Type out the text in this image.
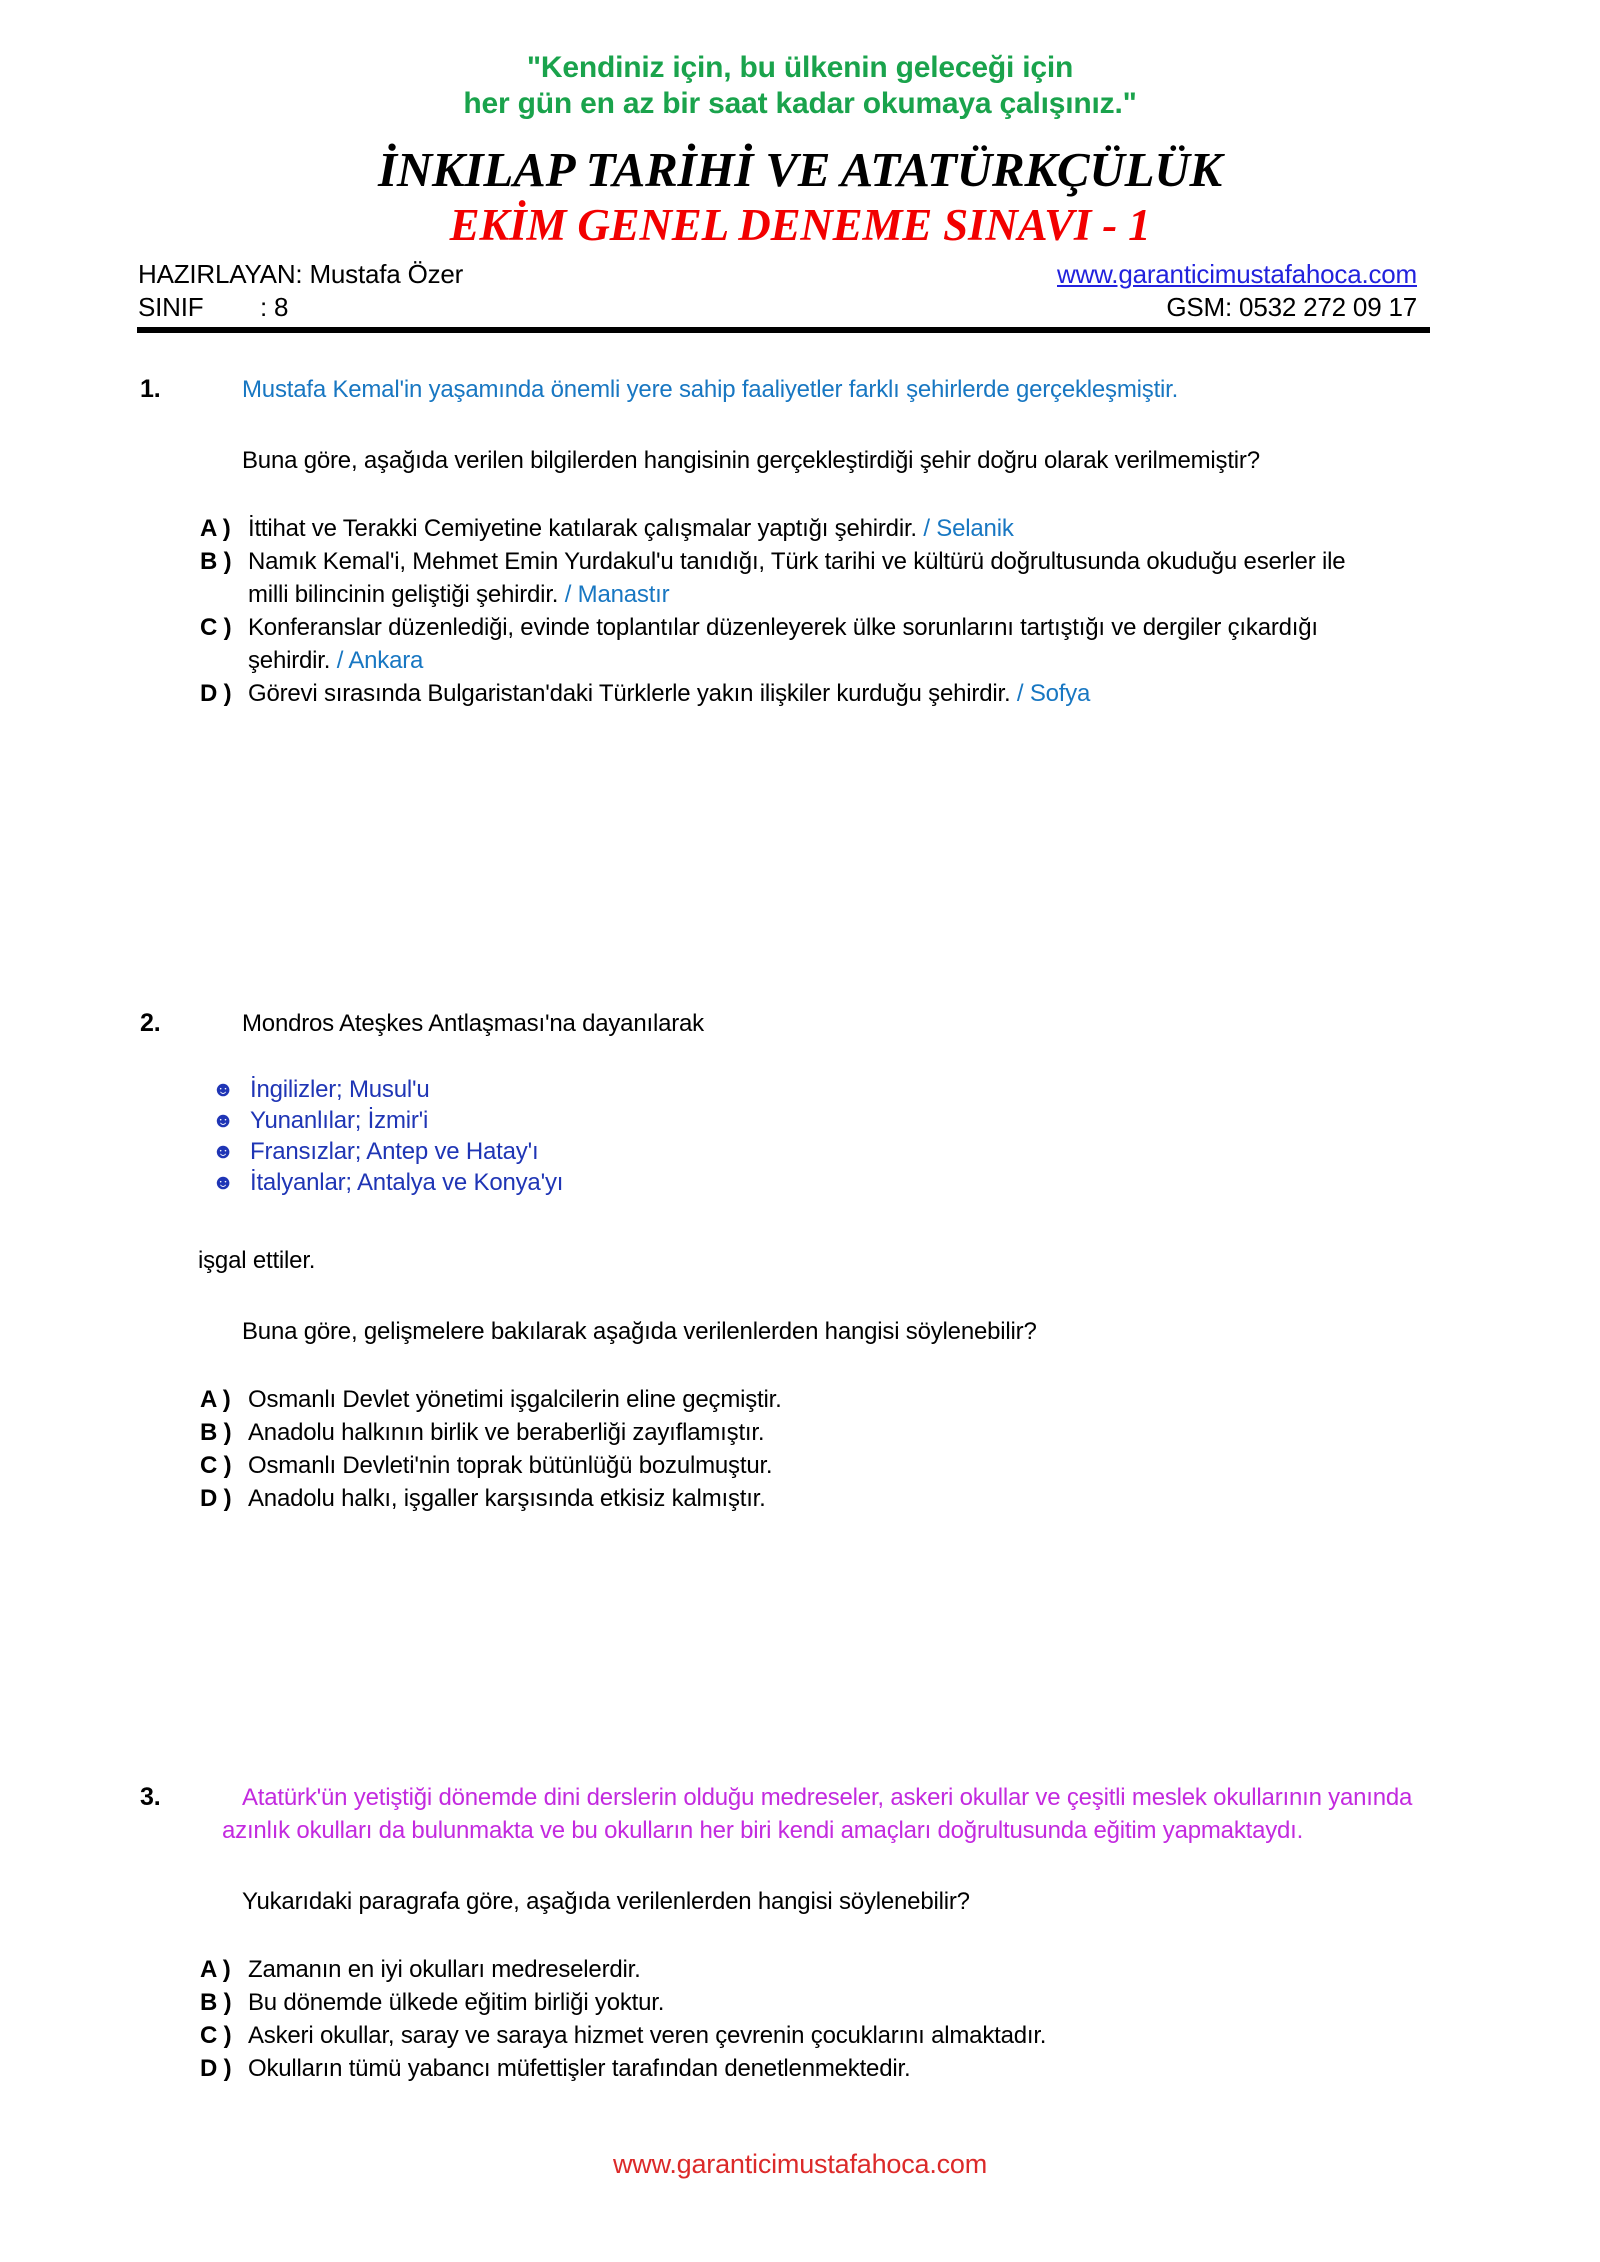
"Kendiniz için, bu ülkenin geleceği için
her gün en az bir saat kadar okumaya çalışınız."
İNKILAP TARİHİ VE ATATÜRKÇÜLÜK
EKİM GENEL DENEME SINAVI - 1
HAZIRLAYAN: Mustafa Özer	www.garanticimustafahoca.com
SINIF : 8	GSM: 0532 272 09 17
1.	Mustafa Kemal'in yaşamında önemli yere sahip faaliyetler farklı şehirlerde gerçekleşmiştir.

Buna göre, aşağıda verilen bilgilerden hangisinin gerçekleştirdiği şehir doğru olarak verilmemiştir?

A ) İttihat ve Terakki Cemiyetine katılarak çalışmalar yaptığı şehirdir. / Selanik
B ) Namık Kemal'i, Mehmet Emin Yurdakul'u tanıdığı, Türk tarihi ve kültürü doğrultusunda okuduğu eserler ile milli bilincinin geliştiği şehirdir. / Manastır
C ) Konferanslar düzenlediği, evinde toplantılar düzenleyerek ülke sorunlarını tartıştığı ve dergiler çıkardığı şehirdir. / Ankara
D ) Görevi sırasında Bulgaristan'daki Türklerle yakın ilişkiler kurduğu şehirdir. / Sofya
2.	Mondros Ateşkes Antlaşması'na dayanılarak

☻ İngilizler; Musul'u
☻ Yunanlılar; İzmir'i
☻ Fransızlar; Antep ve Hatay'ı
☻ İtalyanlar; Antalya ve Konya'yı

işgal ettiler.

Buna göre, gelişmelere bakılarak aşağıda verilenlerden hangisi söylenebilir?

A ) Osmanlı Devlet yönetimi işgalcilerin eline geçmiştir.
B ) Anadolu halkının birlik ve beraberliği zayıflamıştır.
C ) Osmanlı Devleti'nin toprak bütünlüğü bozulmuştur.
D ) Anadolu halkı, işgaller karşısında etkisiz kalmıştır.
3.	Atatürk'ün yetiştiği dönemde dini derslerin olduğu medreseler, askeri okullar ve çeşitli meslek okullarının yanında azınlık okulları da bulunmakta ve bu okulların her biri kendi amaçları doğrultusunda eğitim yapmaktaydı.

Yukarıdaki paragrafa göre, aşağıda verilenlerden hangisi söylenebilir?

A ) Zamanın en iyi okulları medreselerdir.
B ) Bu dönemde ülkede eğitim birliği yoktur.
C ) Askeri okullar, saray ve saraya hizmet veren çevrenin çocuklarını almaktadır.
D ) Okulların tümü yabancı müfettişler tarafından denetlenmektedir.
www.garanticimustafahoca.com
